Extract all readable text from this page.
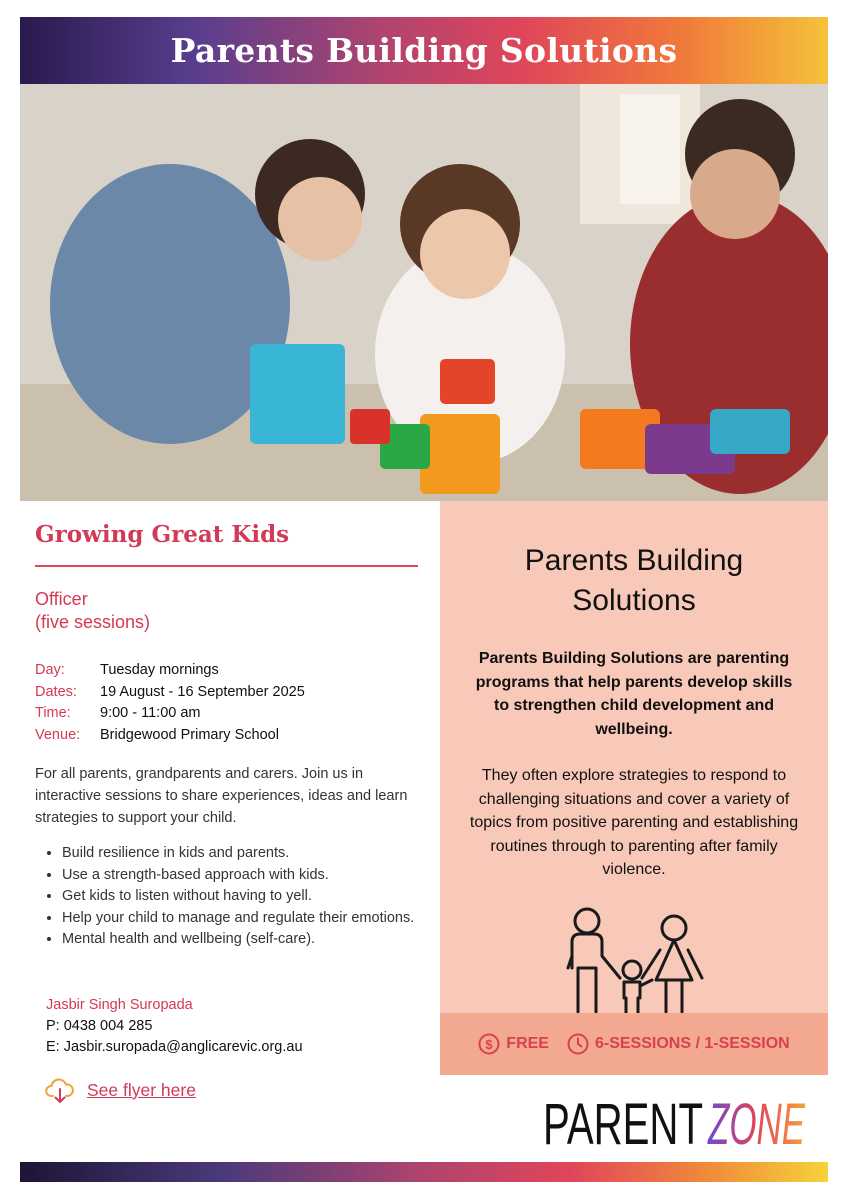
Parents Building Solutions
Growing Great Kids
Officer
(five sessions)
Day:	Tuesday mornings
Dates:	19 August - 16 September 2025
Time:	9:00 - 11:00 am
Venue:	Bridgewood Primary School
For all parents, grandparents and carers. Join us in interactive sessions to share experiences, ideas and learn strategies to support your child.
• Build resilience in kids and parents.
• Use a strength-based approach with kids.
• Get kids to listen without having to yell.
• Help your child to manage and regulate their emotions.
• Mental health and wellbeing (self-care).
Jasbir Singh Suropada
P: 0438 004 285
E: Jasbir.suropada@anglicarevic.org.au
See flyer here
Parents Building
Solutions
Parents Building Solutions are parenting programs that help parents develop skills to strengthen child development and wellbeing.
They often explore strategies to respond to challenging situations and cover a variety of topics from positive parenting and establishing routines through to parenting after family violence.
$ FREE	6-SESSIONS / 1-SESSION
PARENT ZONE
